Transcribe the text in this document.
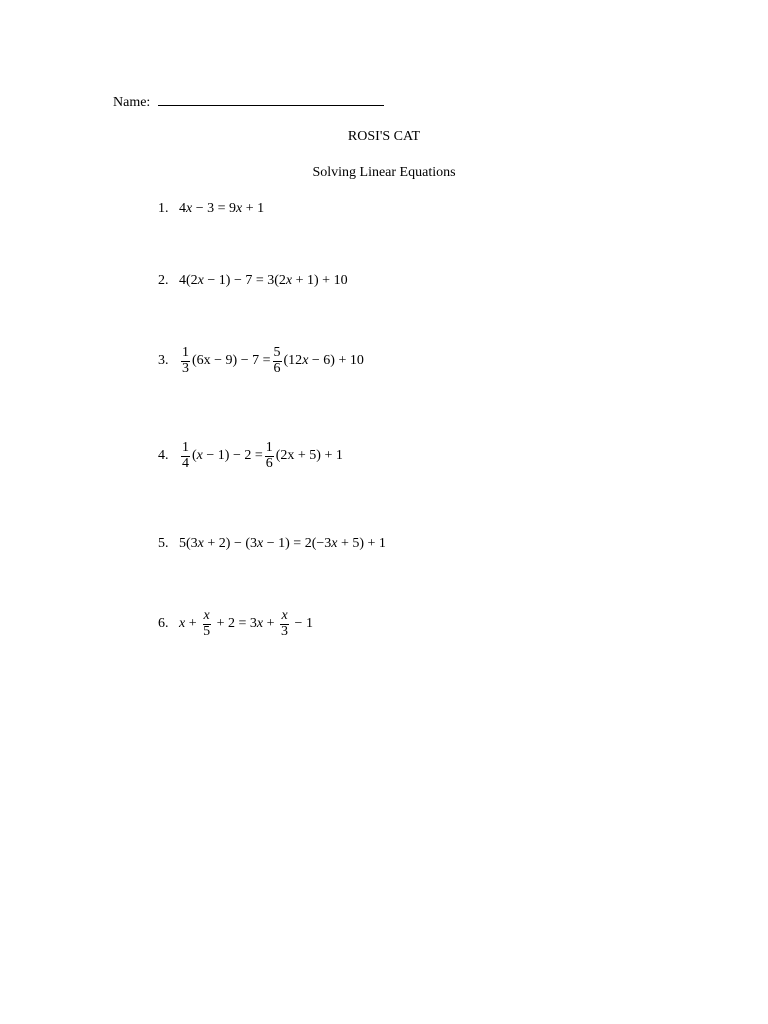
Name:
ROSI'S CAT
Solving Linear Equations
1. 4 x − 3 = 9 x + 1
2. 4(2 x − 1) − 7 = 3(2 x + 1) + 10
3. $\frac{1}{3} (6x - 9) - 7 = \frac{5}{6} (12$ x − 6) + 10
4. $\frac{1}{4}$ ( $x - 1) - 2 = \frac{1}{6} (2x + 5) + 1$
5. 5(3 x + 2) − (3 x − 1) = 2(−3 x + 5) + 1
6. $x + \frac{x}{5} + 2 = 3$ $x + \frac{x}{3} - 1$
